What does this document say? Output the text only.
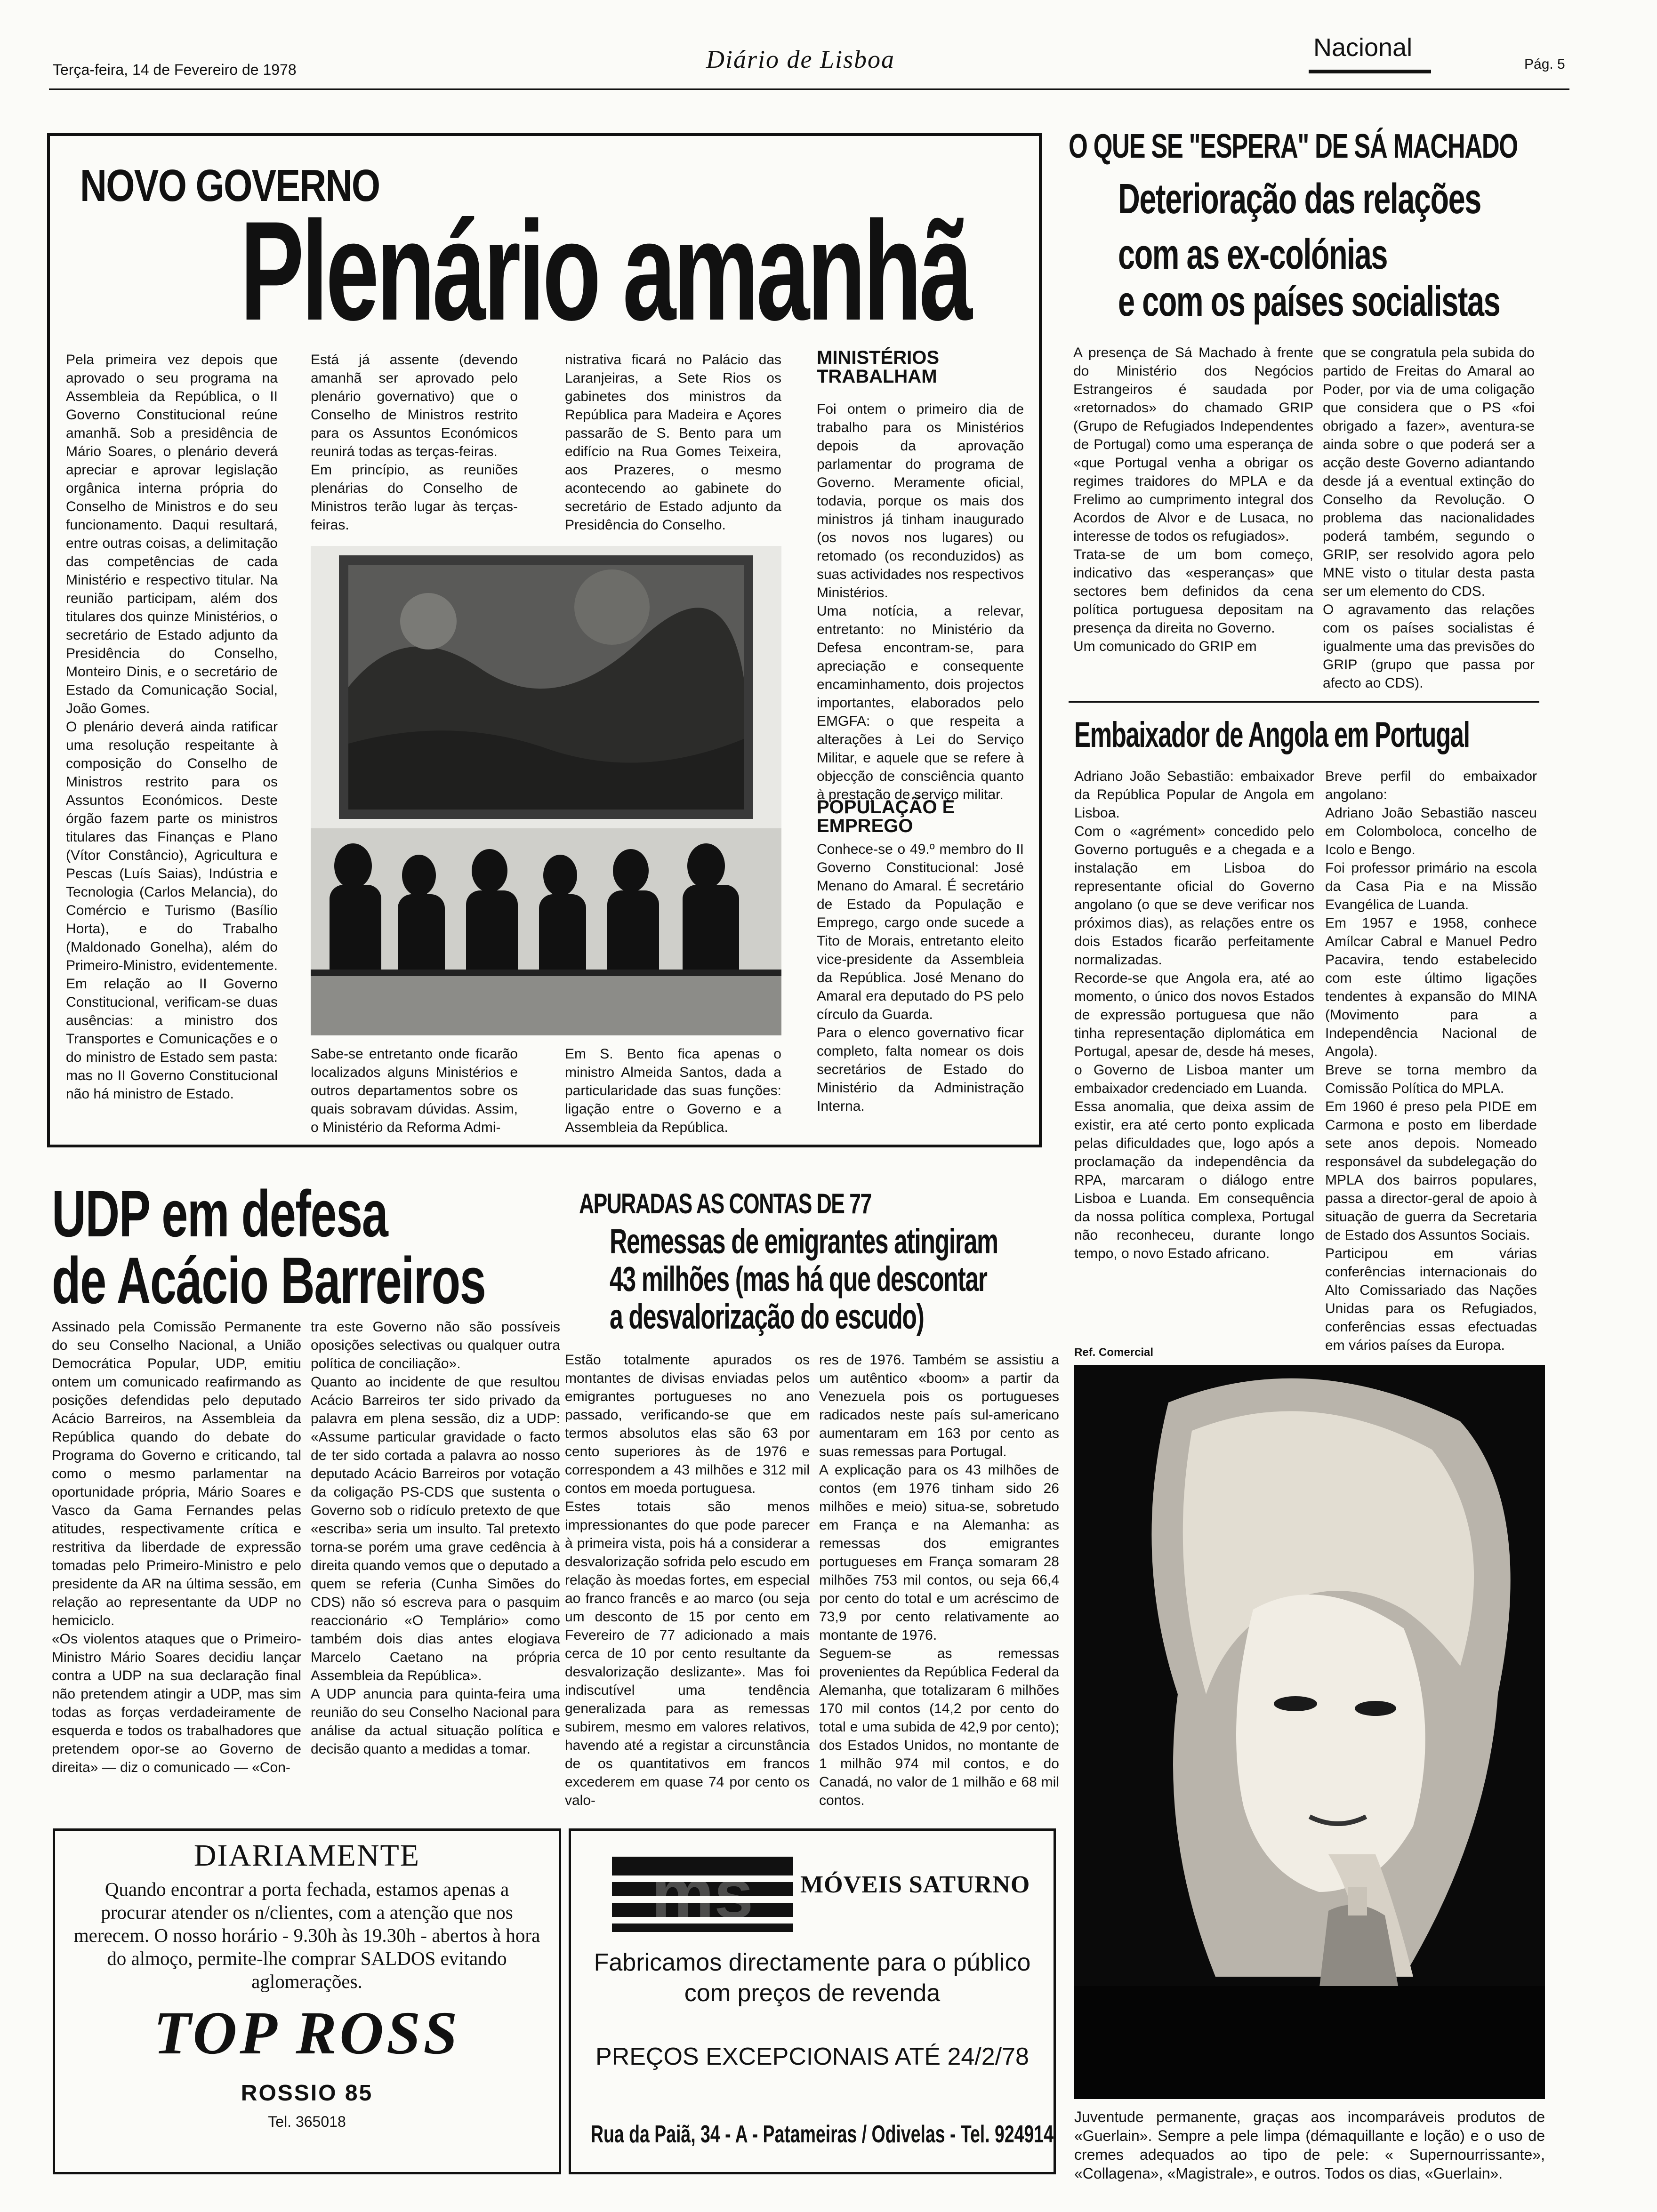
Terça-feira, 14 de Fevereiro de 1978	Diário de Lisboa	Nacional
Pág. 5
NOVO GOVERNO
Plenário amanhã
Pela primeira vez depois que aprovado o seu programa na Assembleia da República, o II Governo Constitucional reúne amanhã. Sob a presidência de Mário Soares, o plenário deverá apreciar e aprovar legislação orgânica interna própria do Conselho de Ministros e do seu funcionamento. Daqui resultará, entre outras coisas, a delimitação das competências de cada Ministério e respectivo titular. Na reunião participam, além dos titulares dos quinze Ministérios, o secretário de Estado adjunto da Presidência do Conselho, Monteiro Dinis, e o secretário de Estado da Comunicação Social, João Gomes.
O plenário deverá ainda ratificar uma resolução respeitante à composição do Conselho de Ministros restrito para os Assuntos Económicos. Deste órgão fazem parte os ministros titulares das Finanças e Plano (Vítor Constâncio), Agricultura e Pescas (Luís Saias), Indústria e Tecnologia (Carlos Melancia), do Comércio e Turismo (Basílio Horta), e do Trabalho (Maldonado Gonelha), além do Primeiro-Ministro, evidentemente. Em relação ao II Governo Constitucional, verificam-se duas ausências: a ministro dos Transportes e Comunicações e o do ministro de Estado sem pasta: mas no II Governo Constitucional não há ministro de Estado.
Está já assente (devendo amanhã ser aprovado pelo plenário governativo) que o Conselho de Ministros restrito para os Assuntos Económicos reunirá todas as terças-feiras.
Em princípio, as reuniões plenárias do Conselho de Ministros terão lugar às terças-feiras.
nistrativa ficará no Palácio das Laranjeiras, a Sete Rios os gabinetes dos ministros da República para Madeira e Açores passarão de S. Bento para um edifício na Rua Gomes Teixeira, aos Prazeres, o mesmo acontecendo ao gabinete do secretário de Estado adjunto da Presidência do Conselho.
Sabe-se entretanto onde ficarão localizados alguns Ministérios e outros departamentos sobre os quais sobravam dúvidas. Assim, o Ministério da Reforma Admi-
Em S. Bento fica apenas o ministro Almeida Santos, dada a particularidade das suas funções: ligação entre o Governo e a Assembleia da República.
MINISTÉRIOS TRABALHAM
Foi ontem o primeiro dia de trabalho para os Ministérios depois da aprovação parlamentar do programa de Governo. Meramente oficial, todavia, porque os mais dos ministros já tinham inaugurado (os novos nos lugares) ou retomado (os reconduzidos) as suas actividades nos respectivos Ministérios.
Uma notícia, a relevar, entretanto: no Ministério da Defesa encontram-se, para apreciação e consequente encaminhamento, dois projectos importantes, elaborados pelo EMGFA: o que respeita a alterações à Lei do Serviço Militar, e aquele que se refere à objecção de consciência quanto à prestação de serviço militar.
POPULAÇÃO E EMPREGO
Conhece-se o 49.º membro do II Governo Constitucional: José Menano do Amaral. É secretário de Estado da População e Emprego, cargo onde sucede a Tito de Morais, entretanto eleito vice-presidente da Assembleia da República. José Menano do Amaral era deputado do PS pelo círculo da Guarda.
Para o elenco governativo ficar completo, falta nomear os dois secretários de Estado do Ministério da Administração Interna.
O QUE SE "ESPERA" DE SÁ MACHADO
Deterioração das relações
com as ex-colónias
e com os países socialistas
A presença de Sá Machado à frente do Ministério dos Negócios Estrangeiros é saudada por «retornados» do chamado GRIP (Grupo de Refugiados Independentes de Portugal) como uma esperança de «que Portugal venha a obrigar os regimes traidores do MPLA e da Frelimo ao cumprimento integral dos Acordos de Alvor e de Lusaca, no interesse de todos os refugiados».
Trata-se de um bom começo, indicativo das «esperanças» que sectores bem definidos da cena política portuguesa depositam na presença da direita no Governo.
Um comunicado do GRIP em
que se congratula pela subida do partido de Freitas do Amaral ao Poder, por via de uma coligação que considera que o PS «foi obrigado a fazer», aventura-se ainda sobre o que poderá ser a acção deste Governo adiantando desde já a eventual extinção do Conselho da Revolução. O problema das nacionalidades poderá também, segundo o GRIP, ser resolvido agora pelo MNE visto o titular desta pasta ser um elemento do CDS.
O agravamento das relações com os países socialistas é igualmente uma das previsões do GRIP (grupo que passa por afecto ao CDS).
Embaixador de Angola em Portugal
Adriano João Sebastião: embaixador da República Popular de Angola em Lisboa.
Com o «agrément» concedido pelo Governo português e a chegada e a instalação em Lisboa do representante oficial do Governo angolano (o que se deve verificar nos próximos dias), as relações entre os dois Estados ficarão perfeitamente normalizadas.
Recorde-se que Angola era, até ao momento, o único dos novos Estados de expressão portuguesa que não tinha representação diplomática em Portugal, apesar de, desde há meses, o Governo de Lisboa manter um embaixador credenciado em Luanda.
Essa anomalia, que deixa assim de existir, era até certo ponto explicada pelas dificuldades que, logo após a proclamação da independência da RPA, marcaram o diálogo entre Lisboa e Luanda. Em consequência da nossa política complexa, Portugal não reconheceu, durante longo tempo, o novo Estado africano.
Breve perfil do embaixador angolano:
Adriano João Sebastião nasceu em Colomboloca, concelho de Icolo e Bengo.
Foi professor primário na escola da Casa Pia e na Missão Evangélica de Luanda.
Em 1957 e 1958, conhece Amílcar Cabral e Manuel Pedro Pacavira, tendo estabelecido com este último ligações tendentes à expansão do MINA (Movimento para a Independência Nacional de Angola).
Breve se torna membro da Comissão Política do MPLA.
Em 1960 é preso pela PIDE em Carmona e posto em liberdade sete anos depois. Nomeado responsável da subdelegação do MPLA dos bairros populares, passa a director-geral de apoio à situação de guerra da Secretaria de Estado dos Assuntos Sociais.
Participou em várias conferências internacionais do Alto Comissariado das Nações Unidas para os Refugiados, conferências essas efectuadas em vários países da Europa.
UDP em defesa
de Acácio Barreiros
Assinado pela Comissão Permanente do seu Conselho Nacional, a União Democrática Popular, UDP, emitiu ontem um comunicado reafirmando as posições defendidas pelo deputado Acácio Barreiros, na Assembleia da República quando do debate do Programa do Governo e criticando, tal como o mesmo parlamentar na oportunidade própria, Mário Soares e Vasco da Gama Fernandes pelas atitudes, respectivamente crítica e restritiva da liberdade de expressão tomadas pelo Primeiro-Ministro e pelo presidente da AR na última sessão, em relação ao representante da UDP no hemiciclo.
«Os violentos ataques que o Primeiro-Ministro Mário Soares decidiu lançar contra a UDP na sua declaração final não pretendem atingir a UDP, mas sim todas as forças verdadeiramente de esquerda e todos os trabalhadores que pretendem opor-se ao Governo de direita» — diz o comunicado — «Con-
tra este Governo não são possíveis oposições selectivas ou qualquer outra política de conciliação».
Quanto ao incidente de que resultou Acácio Barreiros ter sido privado da palavra em plena sessão, diz a UDP: «Assume particular gravidade o facto de ter sido cortada a palavra ao nosso deputado Acácio Barreiros por votação da coligação PS-CDS que sustenta o Governo sob o ridículo pretexto de que «escriba» seria um insulto. Tal pretexto torna-se porém uma grave cedência à direita quando vemos que o deputado a quem se referia (Cunha Simões do CDS) não só escreva para o pasquim reaccionário «O Templário» como também dois dias antes elogiava Marcelo Caetano na própria Assembleia da República».
A UDP anuncia para quinta-feira uma reunião do seu Conselho Nacional para análise da actual situação política e decisão quanto a medidas a tomar.
APURADAS AS CONTAS DE 77
Remessas de emigrantes atingiram
43 milhões (mas há que descontar
a desvalorização do escudo)
Estão totalmente apurados os montantes de divisas enviadas pelos emigrantes portugueses no ano passado, verificando-se que em termos absolutos elas são 63 por cento superiores às de 1976 e correspondem a 43 milhões e 312 mil contos em moeda portuguesa.
Estes totais são menos impressionantes do que pode parecer à primeira vista, pois há a considerar a desvalorização sofrida pelo escudo em relação às moedas fortes, em especial ao franco francês e ao marco (ou seja um desconto de 15 por cento em Fevereiro de 77 adicionado a mais cerca de 10 por cento resultante da desvalorização deslizante». Mas foi indiscutível uma tendência generalizada para as remessas subirem, mesmo em valores relativos, havendo até a registar a circunstância de os quantitativos em francos excederem em quase 74 por cento os valo-
res de 1976. Também se assistiu a um autêntico «boom» a partir da Venezuela pois os portugueses radicados neste país sul-americano aumentaram em 163 por cento as suas remessas para Portugal.
A explicação para os 43 milhões de contos (em 1976 tinham sido 26 milhões e meio) situa-se, sobretudo em França e na Alemanha: as remessas dos emigrantes portugueses em França somaram 28 milhões 753 mil contos, ou seja 66,4 por cento do total e um acréscimo de 73,9 por cento relativamente ao montante de 1976.
Seguem-se as remessas provenientes da República Federal da Alemanha, que totalizaram 6 milhões 170 mil contos (14,2 por cento do total e uma subida de 42,9 por cento); dos Estados Unidos, no montante de 1 milhão 974 mil contos, e do Canadá, no valor de 1 milhão e 68 mil contos.
Ref. Comercial
Juventude permanente, graças aos incomparáveis produtos de «Guerlain». Sempre a pele limpa (démaquillante e loção) e o uso de cremes adequados ao tipo de pele: « Supernourrissante», «Collagena», «Magistrale», e outros. Todos os dias, «Guerlain».
DIARIAMENTE
Quando encontrar a porta fechada, estamos apenas a procurar atender os n/clientes, com a atenção que nos merecem. O nosso horário - 9.30h às 19.30h - abertos à hora do almoço, permite-lhe comprar SALDOS evitando aglomerações.
TOP ROSS
ROSSIO 85
Tel. 365018
ms MÓVEIS SATURNO
Fabricamos directamente para o público
com preços de revenda
PREÇOS EXCEPCIONAIS ATÉ 24/2/78
Rua da Paiã, 34 - A - Patameiras / Odivelas - Tel. 924914
